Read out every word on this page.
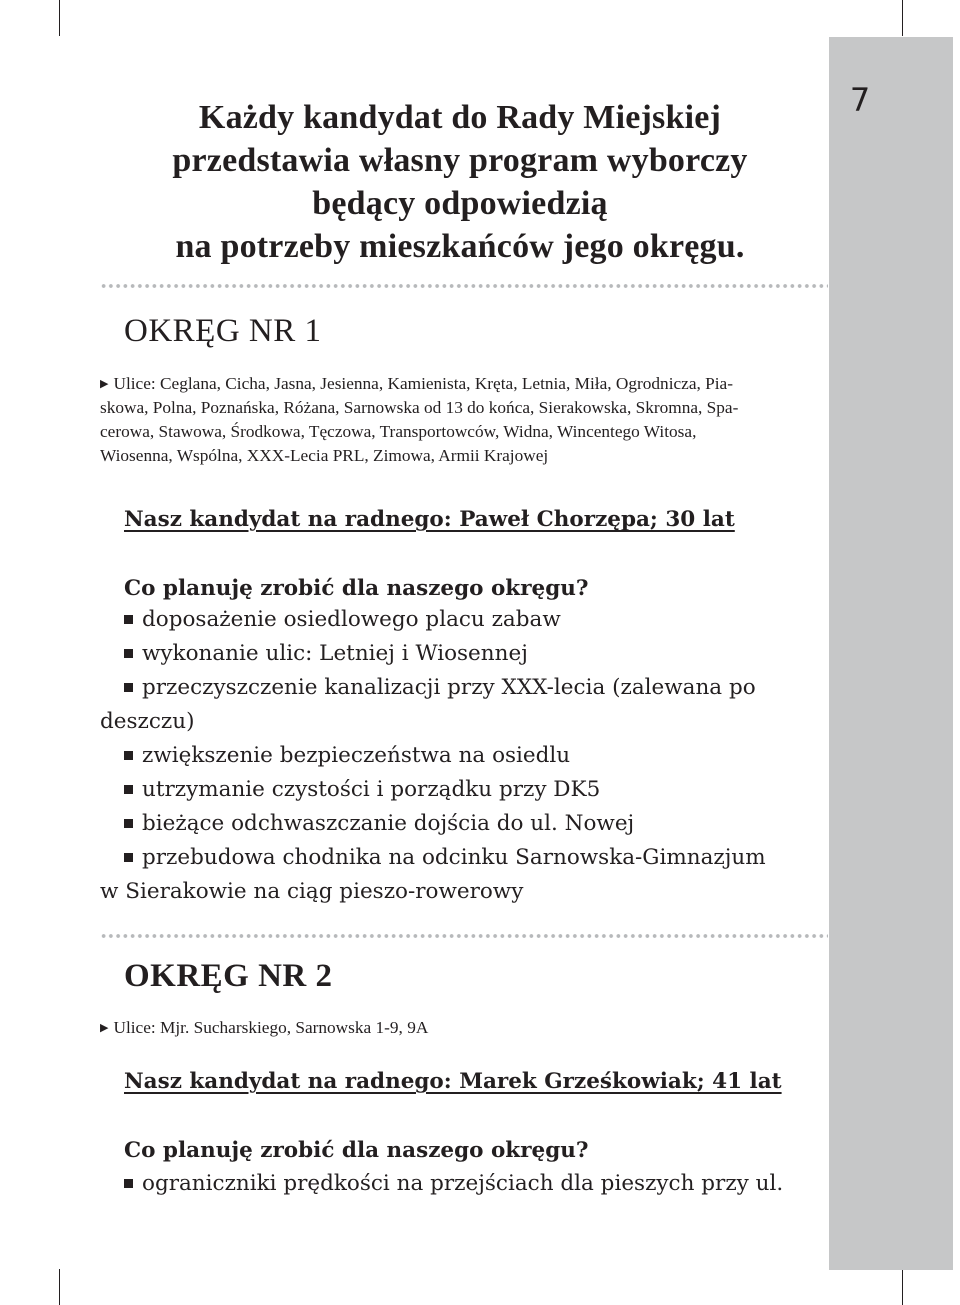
7
Każdy kandydat do Rady Miejskiej
przedstawia własny program wyborczy
będący odpowiedzią
na potrzeby mieszkańców jego okręgu.
OKRĘG NR 1
▶ Ulice: Ceglana, Cicha, Jasna, Jesienna, Kamienista, Kręta, Letnia, Miła, Ogrodnicza, Pia-
skowa, Polna, Poznańska, Różana, Sarnowska od 13 do końca, Sierakowska, Skromna, Spa-
cerowa, Stawowa, Środkowa, Tęczowa, Transportowców, Widna, Wincentego Witosa,
Wiosenna, Wspólna, XXX-Lecia PRL, Zimowa, Armii Krajowej
Nasz kandydat na radnego: Paweł Chorzępa; 30 lat
Co planuję zrobić dla naszego okręgu?
doposażenie osiedlowego placu zabaw
wykonanie ulic: Letniej i Wiosennej
przeczyszczenie kanalizacji przy XXX-lecia (zalewana po
deszczu)
zwiększenie bezpieczeństwa na osiedlu
utrzymanie czystości i porządku przy DK5
bieżące odchwaszczanie dojścia do ul. Nowej
przebudowa chodnika na odcinku Sarnowska-Gimnazjum
w Sierakowie na ciąg pieszo-rowerowy
OKRĘG NR 2
▶ Ulice: Mjr. Sucharskiego, Sarnowska 1-9, 9A
Nasz kandydat na radnego: Marek Grześkowiak; 41 lat
Co planuję zrobić dla naszego okręgu?
ograniczniki prędkości na przejściach dla pieszych przy ul.
